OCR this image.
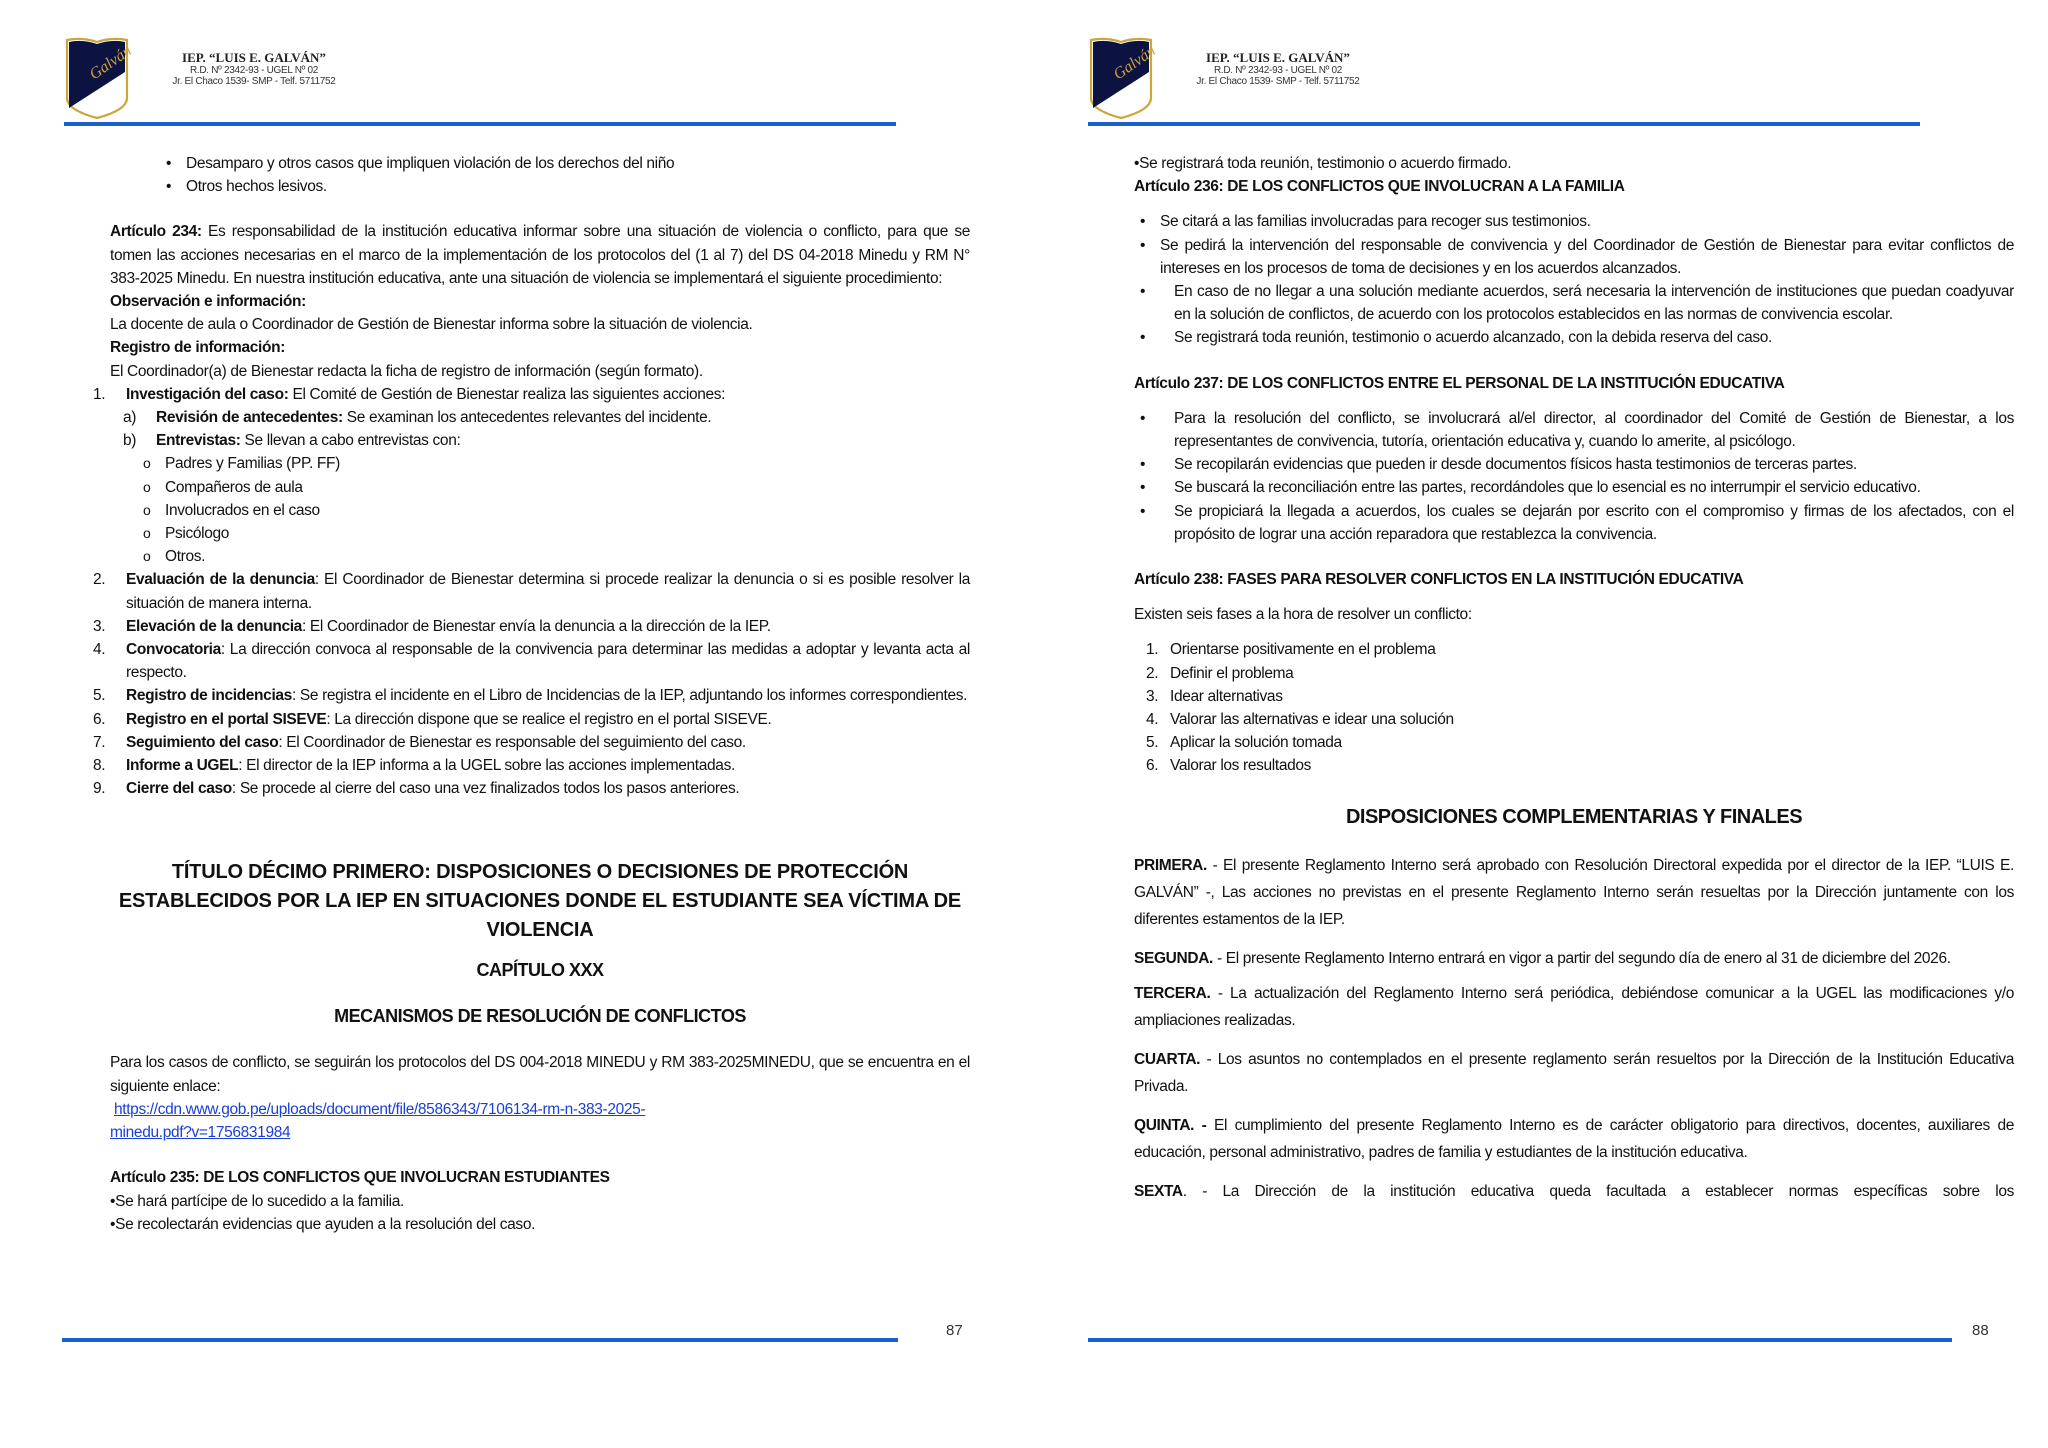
Galván	IEP. “LUIS E. GALVÁN”
R.D. Nº 2342-93 - UGEL Nº 02
Jr. El Chaco 1539- SMP - Telf. 5711752

• Desamparo y otros casos que impliquen violación de los derechos del niño

• Otros hechos lesivos.

Artículo 234: Es responsabilidad de la institución educativa informar sobre una situación de violencia o conflicto, para que se tomen las acciones necesarias en el marco de la implementación de los protocolos del (1 al 7) del DS 04-2018 Minedu y RM N° 383-2025 Minedu. En nuestra institución educativa, ante una situación de violencia se implementará el siguiente procedimiento:

Observación e información:

La docente de aula o Coordinador de Gestión de Bienestar informa sobre la situación de violencia.

Registro de información:

El Coordinador(a) de Bienestar redacta la ficha de registro de información (según formato).

1. Investigación del caso: El Comité de Gestión de Bienestar realiza las siguientes acciones:

a) Revisión de antecedentes: Se examinan los antecedentes relevantes del incidente.

b) Entrevistas: Se llevan a cabo entrevistas con:

o Padres y Familias (PP. FF)

o Compañeros de aula

o Involucrados en el caso

o Psicólogo

o Otros.

2. Evaluación de la denuncia: El Coordinador de Bienestar determina si procede realizar la denuncia o si es posible resolver la situación de manera interna.

3. Elevación de la denuncia: El Coordinador de Bienestar envía la denuncia a la dirección de la IEP.

4. Convocatoria: La dirección convoca al responsable de la convivencia para determinar las medidas a adoptar y levanta acta al respecto.

5. Registro de incidencias: Se registra el incidente en el Libro de Incidencias de la IEP, adjuntando los informes correspondientes.

6. Registro en el portal SISEVE: La dirección dispone que se realice el registro en el portal SISEVE.

7. Seguimiento del caso: El Coordinador de Bienestar es responsable del seguimiento del caso.

8. Informe a UGEL: El director de la IEP informa a la UGEL sobre las acciones implementadas.

9. Cierre del caso: Se procede al cierre del caso una vez finalizados todos los pasos anteriores.

TÍTULO DÉCIMO PRIMERO: DISPOSICIONES O DECISIONES DE PROTECCIÓN ESTABLECIDOS POR LA IEP EN SITUACIONES DONDE EL ESTUDIANTE SEA VÍCTIMA DE VIOLENCIA

CAPÍTULO XXX

MECANISMOS DE RESOLUCIÓN DE CONFLICTOS

Para los casos de conflicto, se seguirán los protocolos del DS 004-2018 MINEDU y RM 383-2025MINEDU, que se encuentra en el siguiente enlace:

https://cdn.www.gob.pe/uploads/document/file/8586343/7106134-rm-n-383-2025-

minedu.pdf?v=1756831984

Artículo 235: DE LOS CONFLICTOS QUE INVOLUCRAN ESTUDIANTES

• Se hará partícipe de lo sucedido a la familia.

• Se recolectarán evidencias que ayuden a la resolución del caso.

87
Galván	IEP. “LUIS E. GALVÁN”
R.D. Nº 2342-93 - UGEL Nº 02
Jr. El Chaco 1539- SMP - Telf. 5711752

• Se registrará toda reunión, testimonio o acuerdo firmado.

Artículo 236: DE LOS CONFLICTOS QUE INVOLUCRAN A LA FAMILIA

• Se citará a las familias involucradas para recoger sus testimonios.

• Se pedirá la intervención del responsable de convivencia y del Coordinador de Gestión de Bienestar para evitar conflictos de intereses en los procesos de toma de decisiones y en los acuerdos alcanzados.

• En caso de no llegar a una solución mediante acuerdos, será necesaria la intervención de instituciones que puedan coadyuvar en la solución de conflictos, de acuerdo con los protocolos establecidos en las normas de convivencia escolar.

• Se registrará toda reunión, testimonio o acuerdo alcanzado, con la debida reserva del caso.

Artículo 237: DE LOS CONFLICTOS ENTRE EL PERSONAL DE LA INSTITUCIÓN EDUCATIVA

• Para la resolución del conflicto, se involucrará al/el director, al coordinador del Comité de Gestión de Bienestar, a los representantes de convivencia, tutoría, orientación educativa y, cuando lo amerite, al psicólogo.

• Se recopilarán evidencias que pueden ir desde documentos físicos hasta testimonios de terceras partes.

• Se buscará la reconciliación entre las partes, recordándoles que lo esencial es no interrumpir el servicio educativo.

• Se propiciará la llegada a acuerdos, los cuales se dejarán por escrito con el compromiso y firmas de los afectados, con el propósito de lograr una acción reparadora que restablezca la convivencia.

Artículo 238: FASES PARA RESOLVER CONFLICTOS EN LA INSTITUCIÓN EDUCATIVA

Existen seis fases a la hora de resolver un conflicto:

1. Orientarse positivamente en el problema

2. Definir el problema

3. Idear alternativas

4. Valorar las alternativas e idear una solución

5. Aplicar la solución tomada

6. Valorar los resultados

DISPOSICIONES COMPLEMENTARIAS Y FINALES

PRIMERA. - El presente Reglamento Interno será aprobado con Resolución Directoral expedida por el director de la IEP. “LUIS E. GALVÁN” -, Las acciones no previstas en el presente Reglamento Interno serán resueltas por la Dirección juntamente con los diferentes estamentos de la IEP.

SEGUNDA. - El presente Reglamento Interno entrará en vigor a partir del segundo día de enero al 31 de diciembre del 2026.

TERCERA. - La actualización del Reglamento Interno será periódica, debiéndose comunicar a la UGEL las modificaciones y/o ampliaciones realizadas.

CUARTA. - Los asuntos no contemplados en el presente reglamento serán resueltos por la Dirección de la Institución Educativa Privada.

QUINTA. - El cumplimiento del presente Reglamento Interno es de carácter obligatorio para directivos, docentes, auxiliares de educación, personal administrativo, padres de familia y estudiantes de la institución educativa.

SEXTA. - La Dirección de la institución educativa queda facultada a establecer normas específicas sobre los

88
